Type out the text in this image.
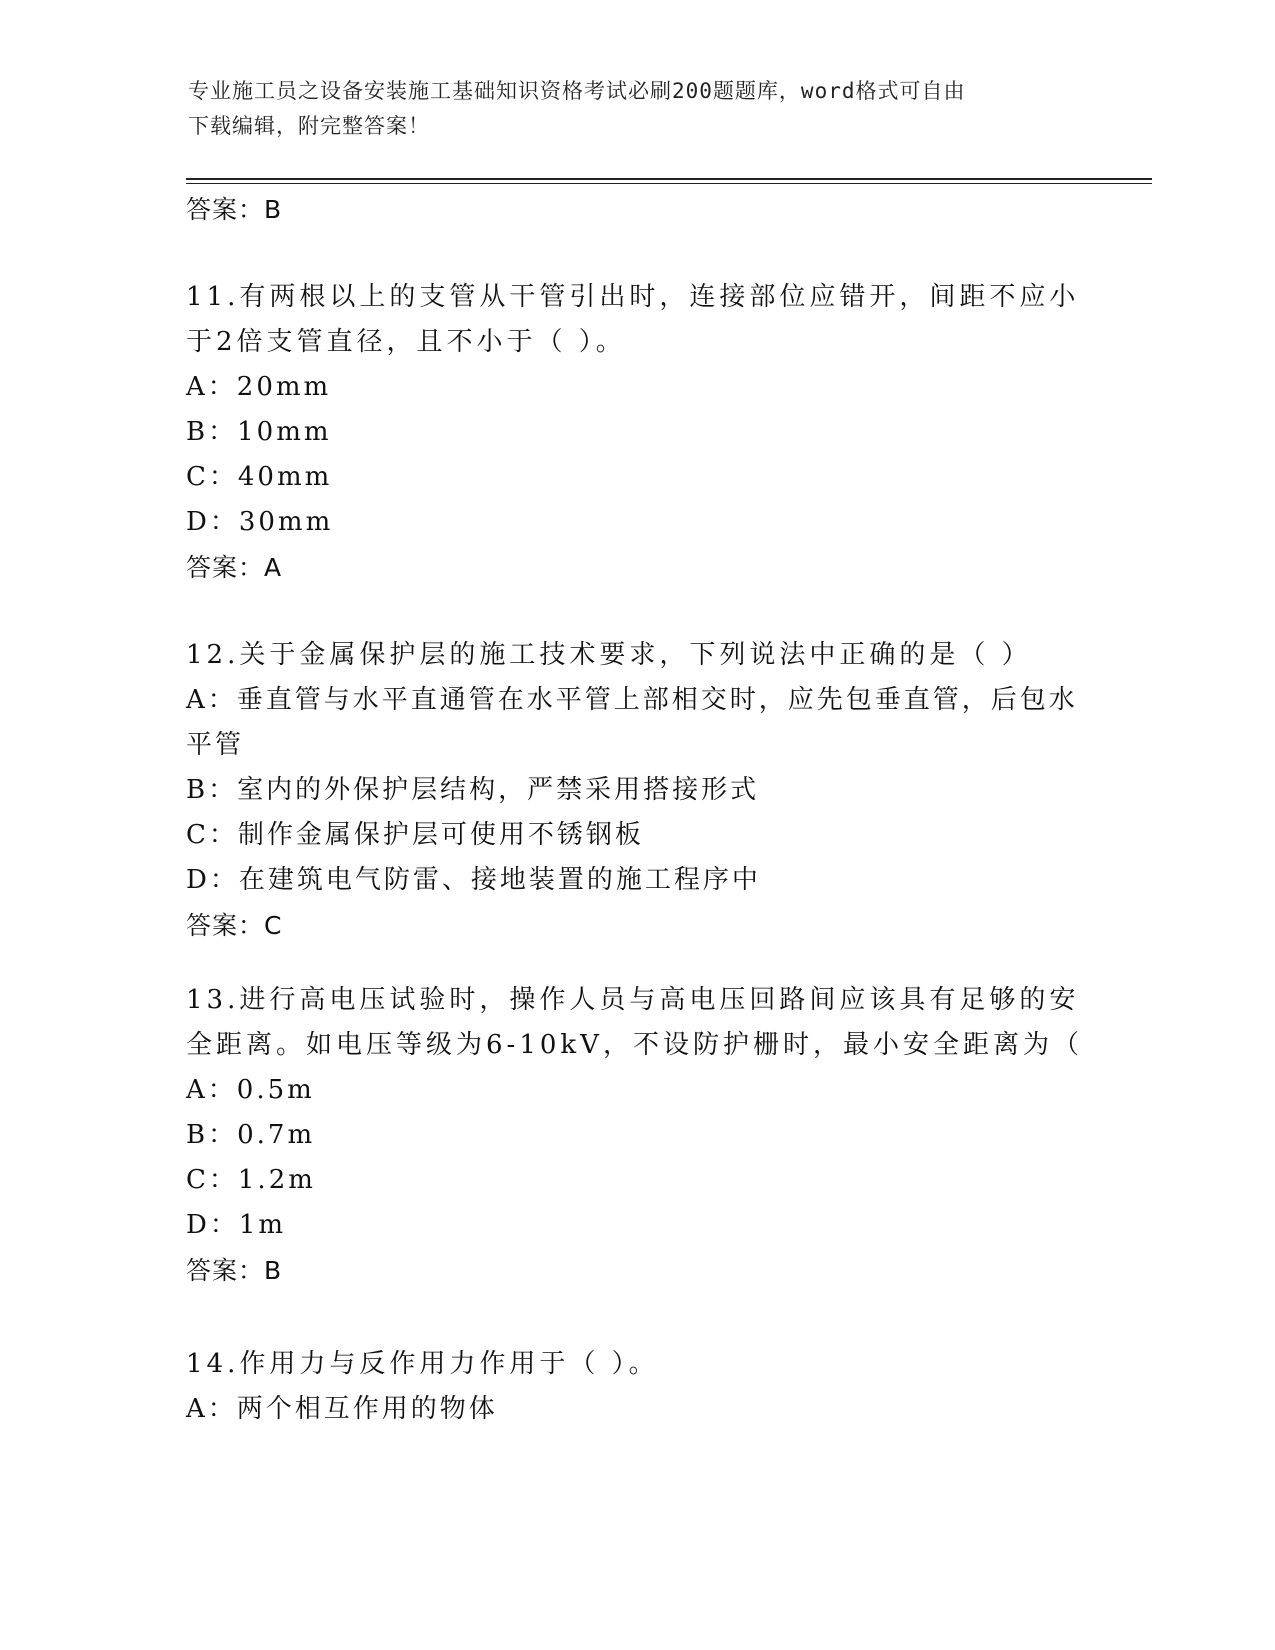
专业施工员之设备安装施工基础知识资格考试必刷200题题库，word格式可自由
下载编辑，附完整答案！
答案：B

11.有两根以上的支管从干管引出时，连接部位应错开，间距不应小于2倍支管直径，且不小于（ ）。

A：20mm

B：10mm

C：40mm

D：30mm

答案：A

12.关于金属保护层的施工技术要求，下列说法中正确的是（ ）

A：垂直管与水平直通管在水平管上部相交时，应先包垂直管，后包水平管

B：室内的外保护层结构，严禁采用搭接形式

C：制作金属保护层可使用不锈钢板

D：在建筑电气防雷、接地装置的施工程序中

答案：C

13.进行高电压试验时，操作人员与高电压回路间应该具有足够的安全距离。如电压等级为6-10kV，不设防护栅时，最小安全距离为（

A：0.5m

B：0.7m

C：1.2m

D：1m

答案：B

14.作用力与反作用力作用于（ ）。

A：两个相互作用的物体
